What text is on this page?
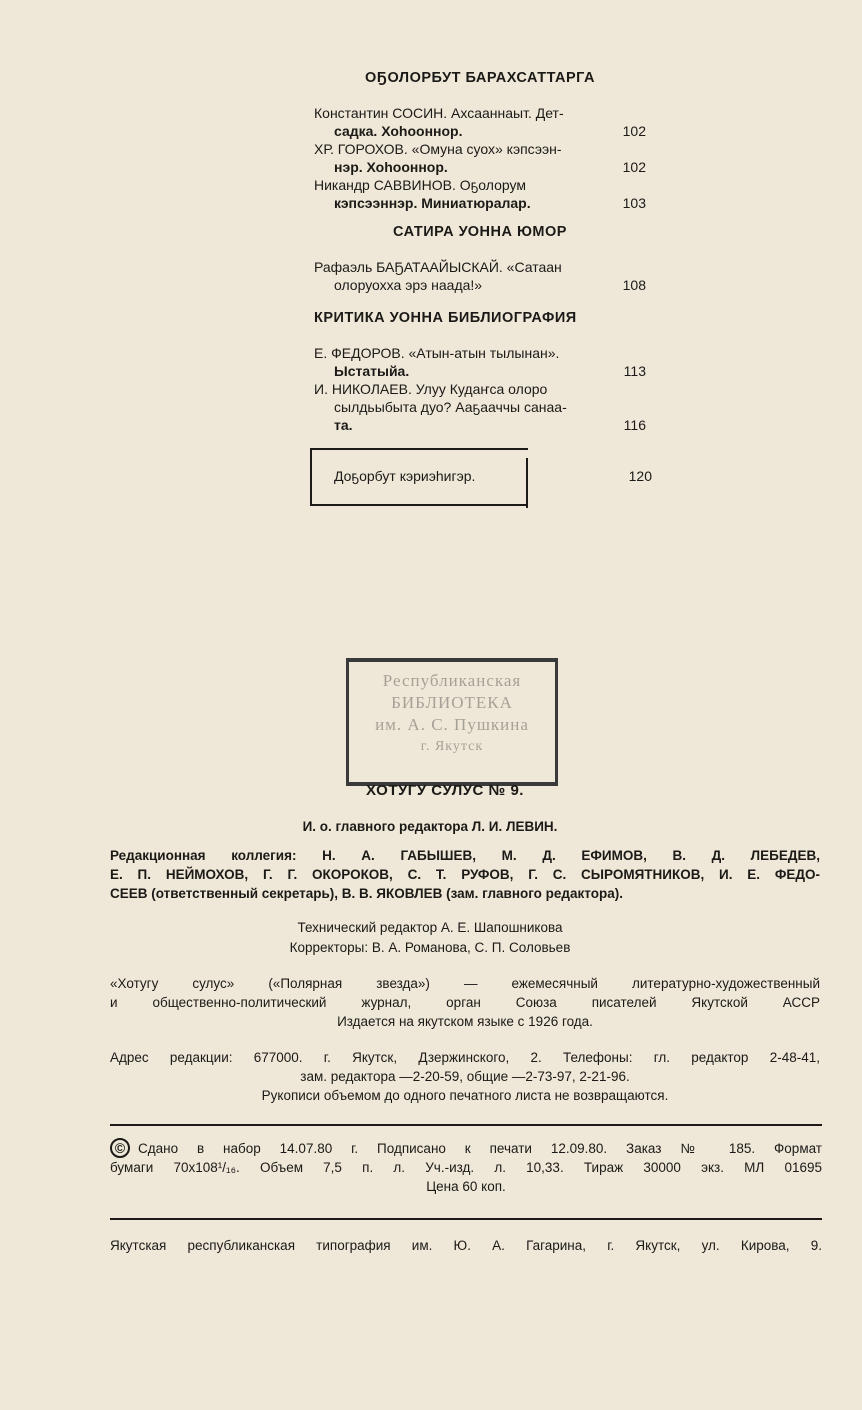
ОҔОЛОРБУТ БАРАХСАТТАРГА
Константин СОСИН. Ахсааннаыт. Дет-
садка. Хоhооннор.	102
ХР. ГОРОХОВ. «Омуна суох» кэпсээн-
нэр. Хоhооннор.	102
Никандр САВВИНОВ. Оҕолорум
кэпсээннэр. Миниатюралар.	103
САТИРА УОННА ЮМОР
Рафаэль БАҔАТААЙЫСКАЙ. «Сатаан
олоруохха эрэ наада!»	108
КРИТИКА УОННА БИБЛИОГРАФИЯ
Е. ФЕДОРОВ. «Атын-атын тылынан».
Ыстатыйа.	113
И. НИКОЛАЕВ. Улуу Кудаҥса олоро
сылдьыбыта дуо? Ааҕааччы санаа-
та.	116
Доҕорбут кэриэhигэр.	120
Республиканская
БИБЛИОТЕКА
им. А. С. Пушкина
г. Якутск
ХОТУГУ СУЛУС № 9.
И. о. главного редактора Л. И. ЛЕВИН.
Редакционная коллегия: Н. А. ГАБЫШЕВ, М. Д. ЕФИМОВ, В. Д. ЛЕБЕДЕВ,
Е. П. НЕЙМОХОВ, Г. Г. ОКОРОКОВ, С. Т. РУФОВ, Г. С. СЫРОМЯТНИКОВ, И. Е. ФЕДО-
СЕЕВ (ответственный секретарь), В. В. ЯКОВЛЕВ (зам. главного редактора).
Технический редактор А. Е. Шапошникова
Корректоры: В. А. Романова, С. П. Соловьев
«Хотугу сулус» («Полярная звезда») — ежемесячный литературно-художественный
и общественно-политический журнал, орган Союза писателей Якутской АССР
Издается на якутском языке с 1926 года.
Адрес редакции: 677000. г. Якутск, Дзержинского, 2. Телефоны: гл. редактор 2-48-41,
зам. редактора —2-20-59, общие —2-73-97, 2-21-96.
Рукописи объемом до одного печатного листа не возвращаются.
© Сдано в набор 14.07.80 г. Подписано к печати 12.09.80. Заказ № 185. Формат
бумаги 70x108¹/₁₆. Объем 7,5 п. л. Уч.-изд. л. 10,33. Тираж 30000 экз. МЛ 01695
Цена 60 коп.
Якутская республиканская типография им. Ю. А. Гагарина, г. Якутск, ул. Кирова, 9.
